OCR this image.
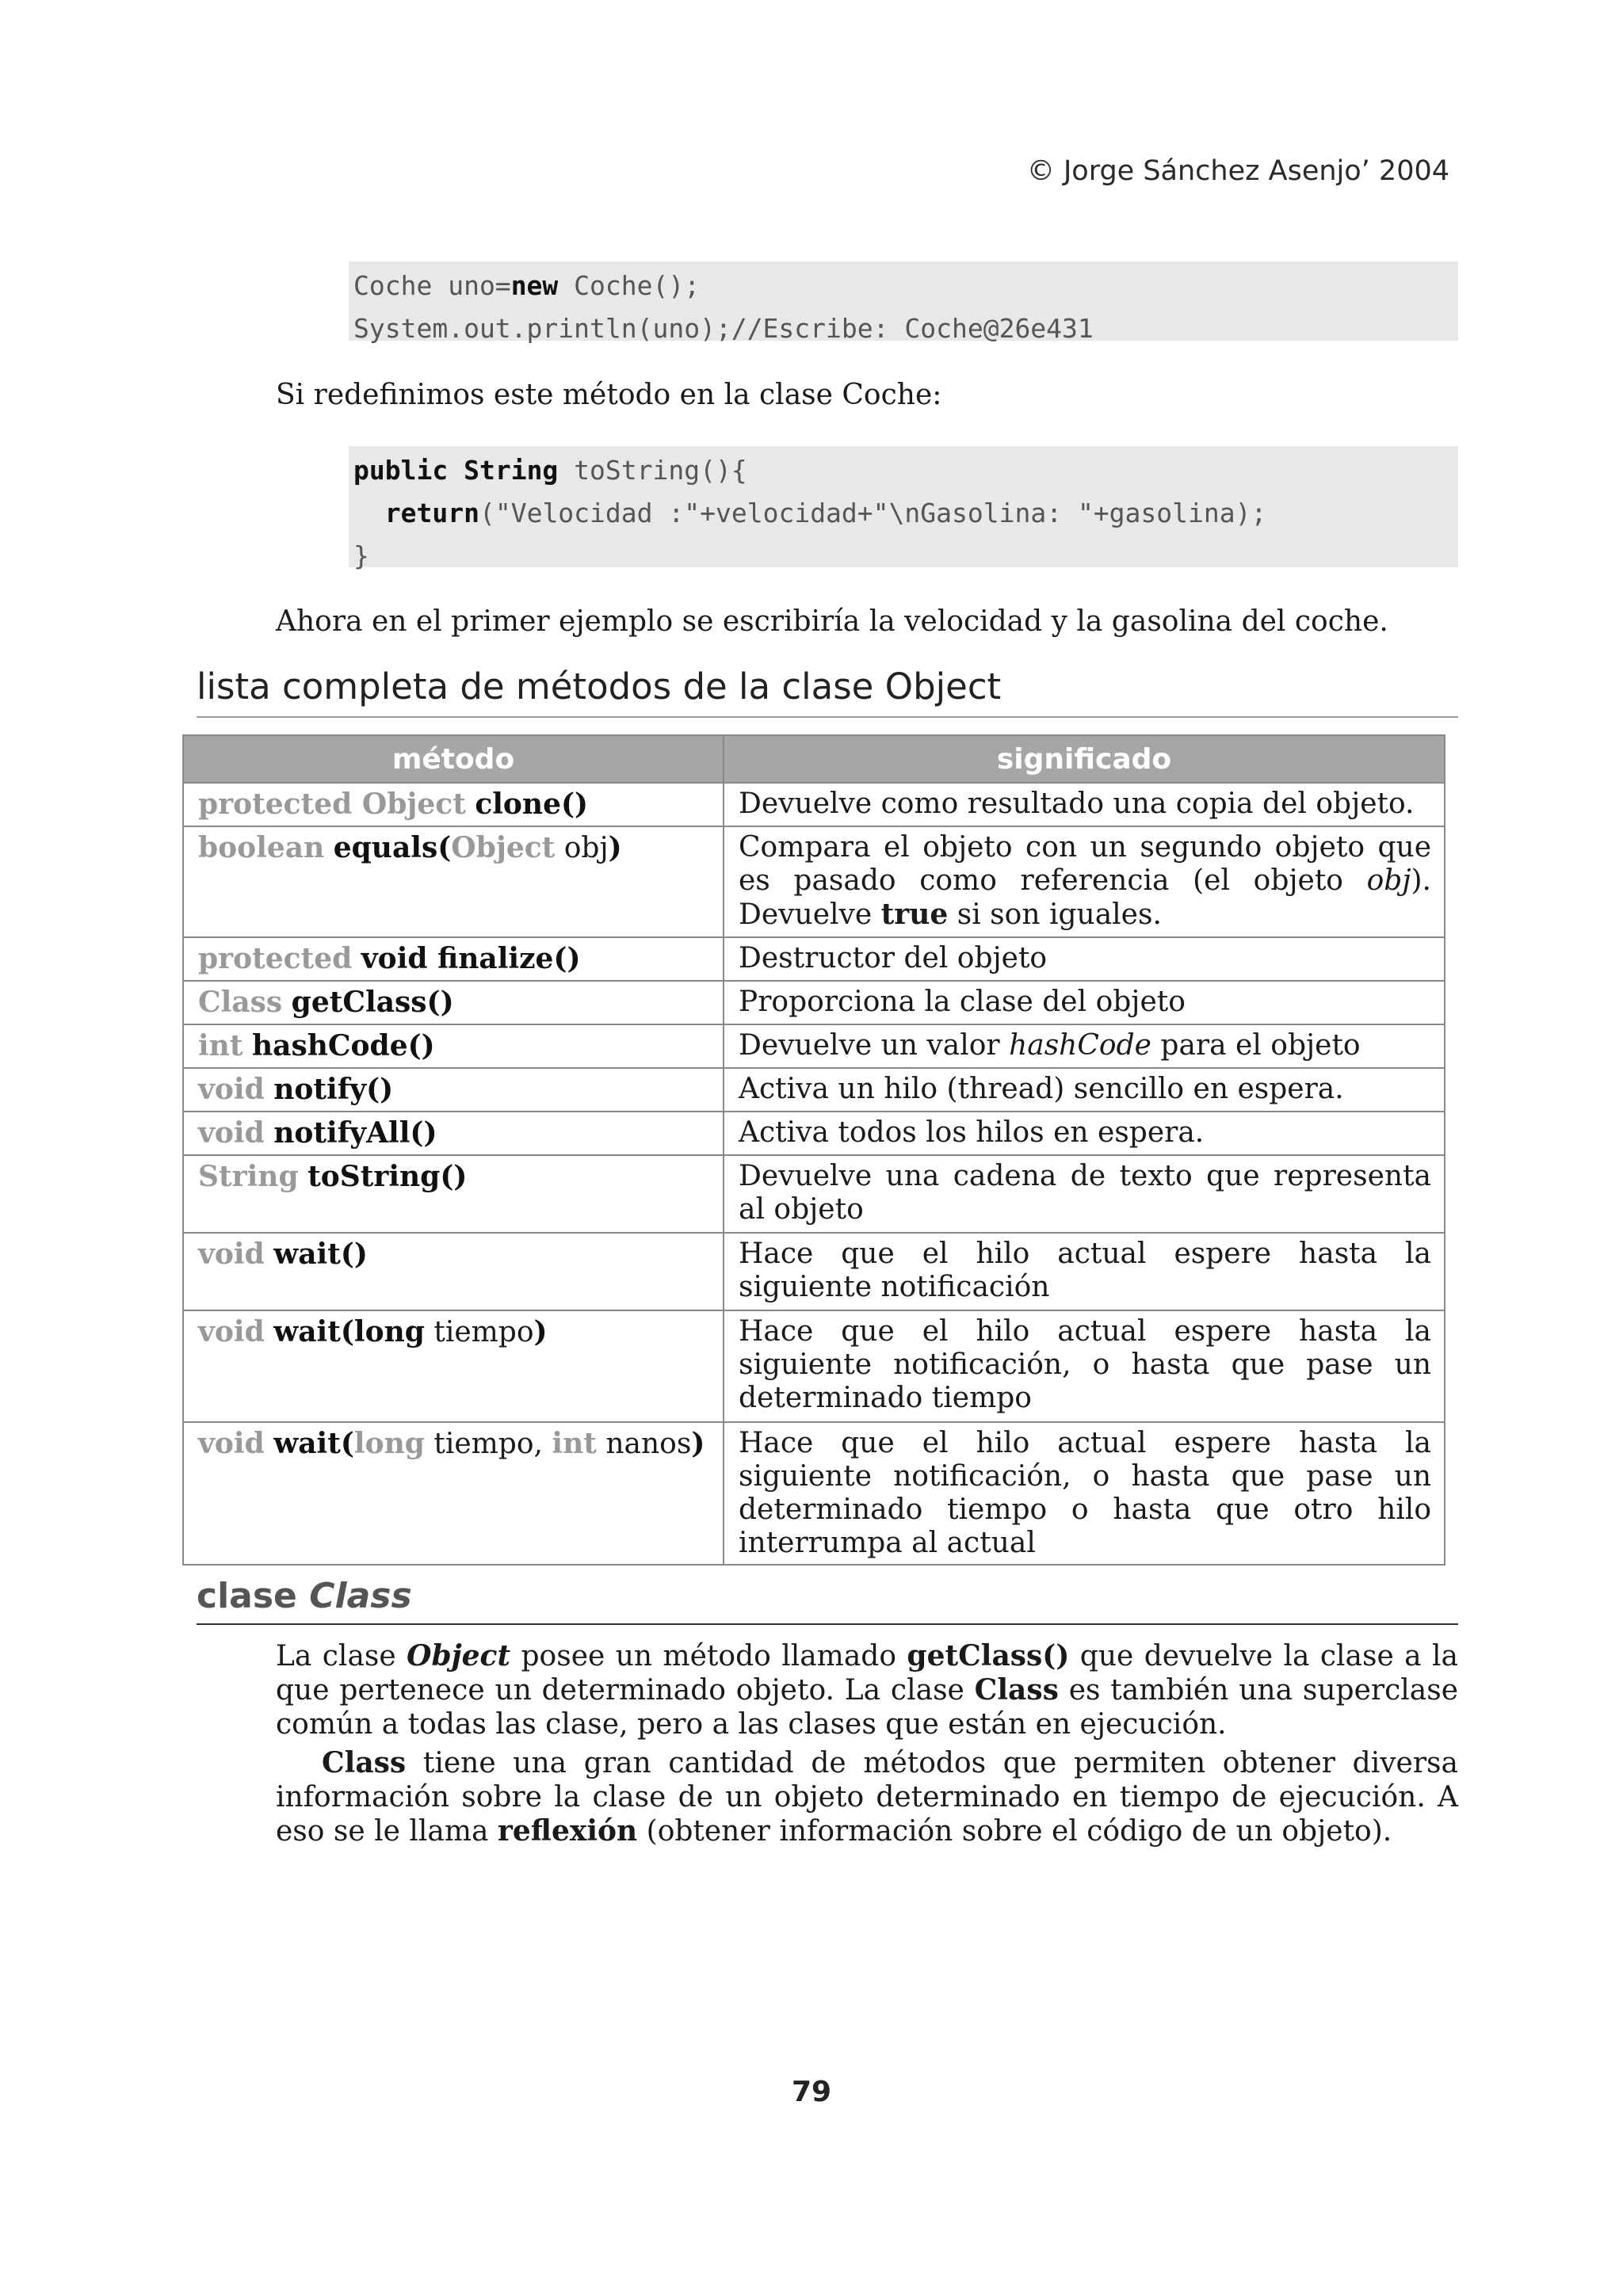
© Jorge Sánchez Asenjo’ 2004
Coche uno=new Coche();
System.out.println(uno);//Escribe: Coche@26e431
Si redefinimos este método en la clase Coche:
public String toString(){
return("Velocidad :"+velocidad+"\nGasolina: "+gasolina);
}
Ahora en el primer ejemplo se escribiría la velocidad y la gasolina del coche.
lista completa de métodos de la clase Object
método	significado
protected Object clone()	Devuelve como resultado una copia del objeto.
boolean equals(Object obj)	Compara el objeto con un segundo objeto que es pasado como referencia (el objeto obj). Devuelve true si son iguales.
protected void finalize()	Destructor del objeto
Class getClass()	Proporciona la clase del objeto
int hashCode()	Devuelve un valor hashCode para el objeto
void notify()	Activa un hilo (thread) sencillo en espera.
void notifyAll()	Activa todos los hilos en espera.
String toString()	Devuelve una cadena de texto que representa al objeto
void wait()	Hace que el hilo actual espere hasta la siguiente notificación
void wait(long tiempo)	Hace que el hilo actual espere hasta la siguiente notificación, o hasta que pase un determinado tiempo
void wait(long tiempo, int nanos)	Hace que el hilo actual espere hasta la siguiente notificación, o hasta que pase un determinado tiempo o hasta que otro hilo interrumpa al actual
clase Class
La clase Object posee un método llamado getClass() que devuelve la clase a la que pertenece un determinado objeto. La clase Class es también una superclase común a todas las clase, pero a las clases que están en ejecución.
Class tiene una gran cantidad de métodos que permiten obtener diversa información sobre la clase de un objeto determinado en tiempo de ejecución. A eso se le llama reflexión (obtener información sobre el código de un objeto).
79
